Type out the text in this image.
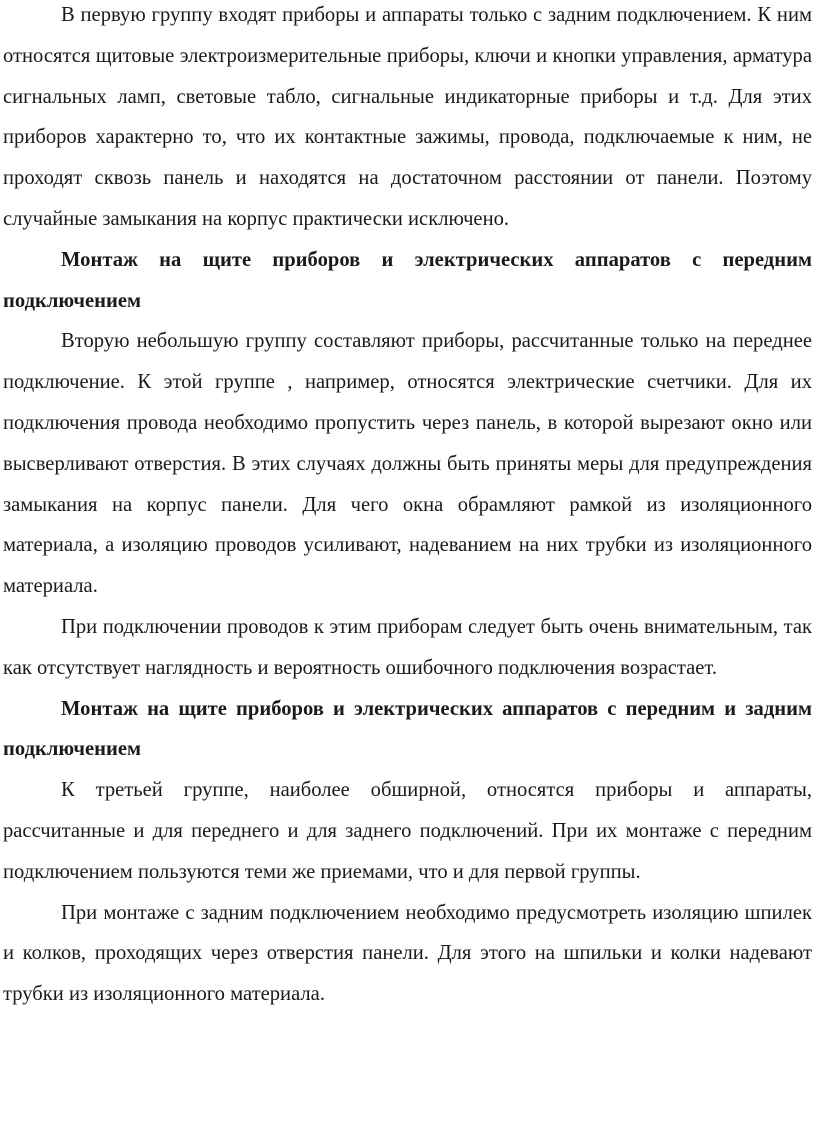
В первую группу входят приборы и аппараты только с задним подключением. К ним относятся щитовые электроизмерительные приборы, ключи и кнопки управления, арматура сигнальных ламп, световые табло, сигнальные индикаторные приборы и т.д. Для этих приборов характерно то, что их контактные зажимы, провода, подключаемые к ним, не проходят сквозь панель и находятся на достаточном расстоянии от панели. Поэтому случайные замыкания на корпус практически исключено.

Монтаж на щите приборов и электрических аппаратов с передним подключением

Вторую небольшую группу составляют приборы, рассчитанные только на переднее подключение. К этой группе , например, относятся электрические счетчики. Для их подключения провода необходимо пропустить через панель, в которой вырезают окно или высверливают отверстия. В этих случаях должны быть приняты меры для предупреждения замыкания на корпус панели. Для чего окна обрамляют рамкой из изоляционного материала, а изоляцию проводов усиливают, надеванием на них трубки из изоляционного материала.

При подключении проводов к этим приборам следует быть очень внимательным, так как отсутствует наглядность и вероятность ошибочного подключения возрастает.

Монтаж на щите приборов и электрических аппаратов с передним и задним подключением

К третьей группе, наиболее обширной, относятся приборы и аппараты, рассчитанные и для переднего и для заднего подключений. При их монтаже с передним подключением пользуются теми же приемами, что и для первой группы.

При монтаже с задним подключением необходимо предусмотреть изоляцию шпилек и колков, проходящих через отверстия панели. Для этого на шпильки и колки надевают трубки из изоляционного материала.
